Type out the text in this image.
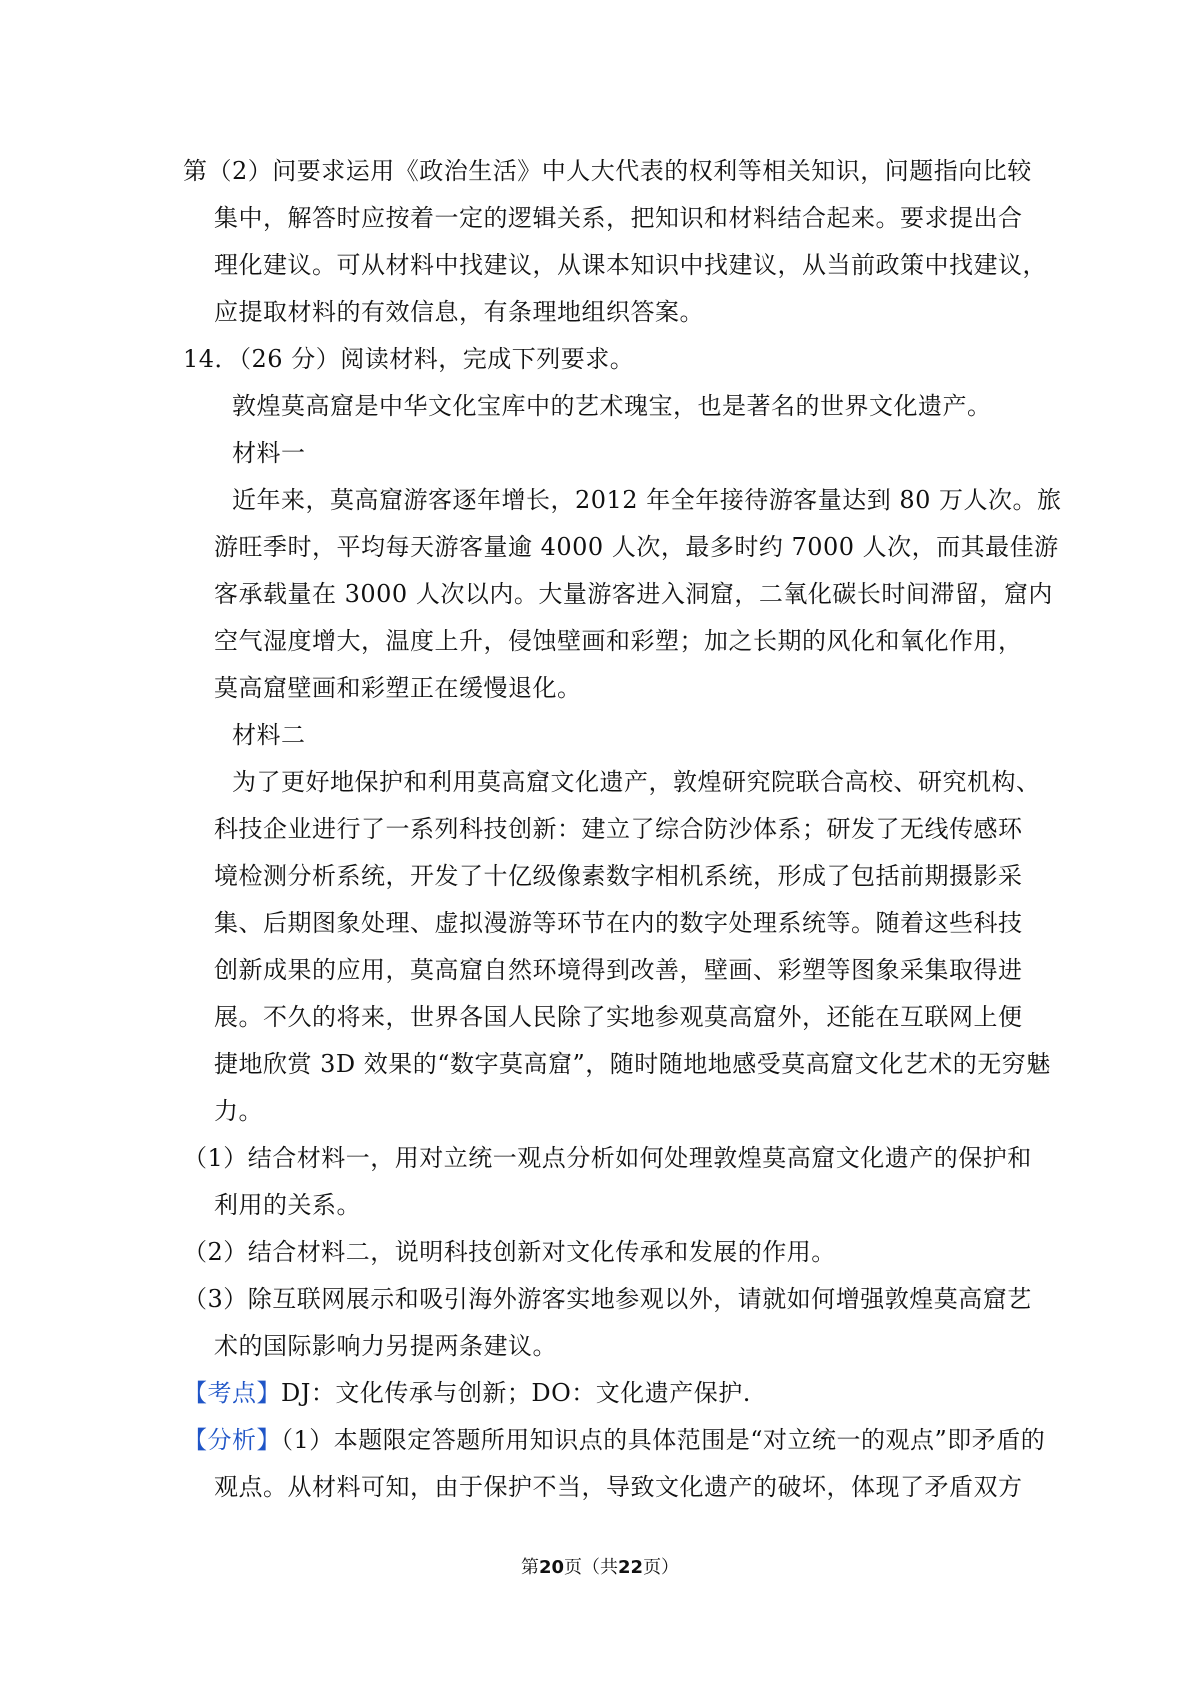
第（2）问要求运用《政治生活》中人大代表的权利等相关知识，问题指向比较
集中，解答时应按着一定的逻辑关系，把知识和材料结合起来。要求提出合
理化建议。可从材料中找建议，从课本知识中找建议，从当前政策中找建议，
应提取材料的有效信息，有条理地组织答案。
14．（26 分）阅读材料，完成下列要求。
敦煌莫高窟是中华文化宝库中的艺术瑰宝，也是著名的世界文化遗产。
材料一
近年来，莫高窟游客逐年增长，2012 年全年接待游客量达到 80 万人次。旅
游旺季时，平均每天游客量逾 4000 人次，最多时约 7000 人次，而其最佳游
客承载量在 3000 人次以内。大量游客进入洞窟，二氧化碳长时间滞留，窟内
空气湿度增大，温度上升，侵蚀壁画和彩塑；加之长期的风化和氧化作用，
莫高窟壁画和彩塑正在缓慢退化。
材料二
为了更好地保护和利用莫高窟文化遗产，敦煌研究院联合高校、研究机构、
科技企业进行了一系列科技创新：建立了综合防沙体系；研发了无线传感环
境检测分析系统，开发了十亿级像素数字相机系统，形成了包括前期摄影采
集、后期图象处理、虚拟漫游等环节在内的数字处理系统等。随着这些科技
创新成果的应用，莫高窟自然环境得到改善，壁画、彩塑等图象采集取得进
展。不久的将来，世界各国人民除了实地参观莫高窟外，还能在互联网上便
捷地欣赏 3D 效果的“数字莫高窟”，随时随地地感受莫高窟文化艺术的无穷魅
力。
（1）结合材料一，用对立统一观点分析如何处理敦煌莫高窟文化遗产的保护和
利用的关系。
（2）结合材料二，说明科技创新对文化传承和发展的作用。
（3）除互联网展示和吸引海外游客实地参观以外，请就如何增强敦煌莫高窟艺
术的国际影响力另提两条建议。
【考点】DJ：文化传承与创新；DO：文化遗产保护.
【分析】（1）本题限定答题所用知识点的具体范围是“对立统一的观点”即矛盾的
观点。从材料可知，由于保护不当，导致文化遗产的破坏，体现了矛盾双方
第20页（共22页）
